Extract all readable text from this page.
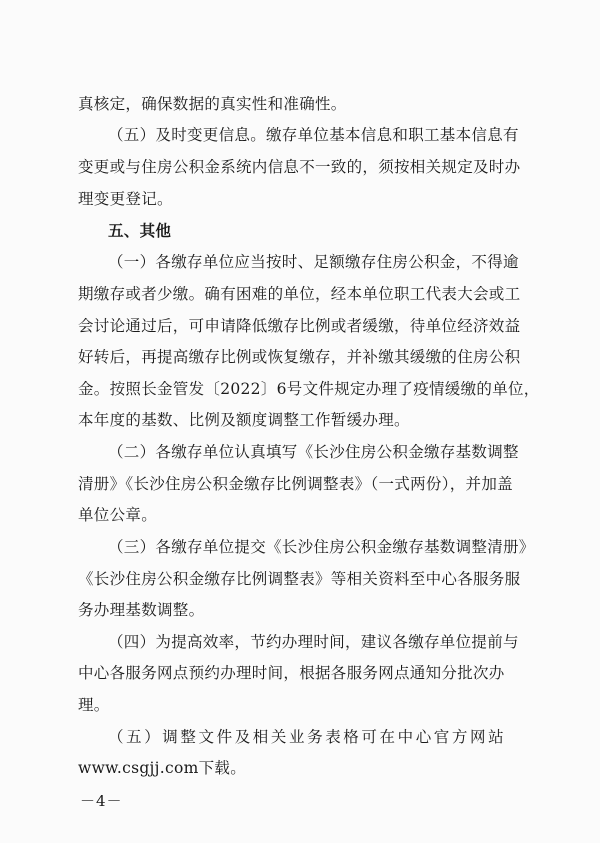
真核定，确保数据的真实性和准确性。
（五）及时变更信息。缴存单位基本信息和职工基本信息有
变更或与住房公积金系统内信息不一致的，须按相关规定及时办
理变更登记。
五、其他
（一）各缴存单位应当按时、足额缴存住房公积金，不得逾
期缴存或者少缴。确有困难的单位，经本单位职工代表大会或工
会讨论通过后，可申请降低缴存比例或者缓缴，待单位经济效益
好转后，再提高缴存比例或恢复缴存，并补缴其缓缴的住房公积
金。按照长金管发〔2022〕6号文件规定办理了疫情缓缴的单位，
本年度的基数、比例及额度调整工作暂缓办理。
（二）各缴存单位认真填写《长沙住房公积金缴存基数调整
清册》《长沙住房公积金缴存比例调整表》（一式两份），并加盖
单位公章。
（三）各缴存单位提交《长沙住房公积金缴存基数调整清册》
《长沙住房公积金缴存比例调整表》等相关资料至中心各服务服
务办理基数调整。
（四）为提高效率，节约办理时间，建议各缴存单位提前与
中心各服务网点预约办理时间，根据各服务网点通知分批次办
理。
（五）调整文件及相关业务表格可在中心官方网站
www.csgjj.com下载。
－4－
